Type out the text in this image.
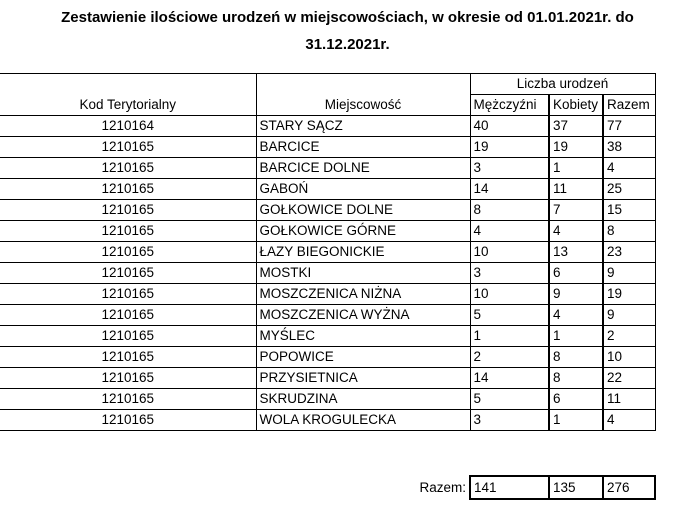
Zestawienie ilościowe urodzeń w miejscowościach, w okresie od 01.01.2021r. do
31.12.2021r.
Kod Terytorialny	Miejscowość	Liczba urodzeń		
		Mężczyźni	Kobiety	Razem
1210164	STARY SĄCZ	40	37	77
1210165	BARCICE	19	19	38
1210165	BARCICE DOLNE	3	1	4
1210165	GABOŃ	14	11	25
1210165	GOŁKOWICE DOLNE	8	7	15
1210165	GOŁKOWICE GÓRNE	4	4	8
1210165	ŁAZY BIEGONICKIE	10	13	23
1210165	MOSTKI	3	6	9
1210165	MOSZCZENICA NIŻNA	10	9	19
1210165	MOSZCZENICA WYŻNA	5	4	9
1210165	MYŚLEC	1	1	2
1210165	POPOWICE	2	8	10
1210165	PRZYSIETNICA	14	8	22
1210165	SKRUDZINA	5	6	11
1210165	WOLA KROGULECKA	3	1	4
Razem:	141	135	276
